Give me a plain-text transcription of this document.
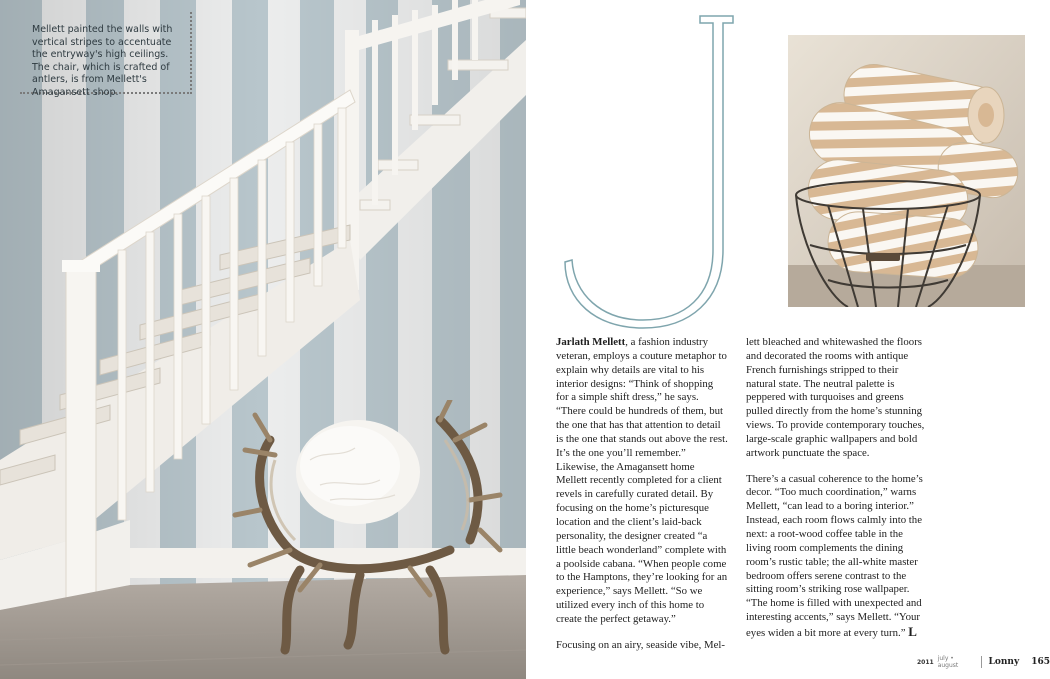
Mellett painted the walls with vertical stripes to accentuate the entryway's high ceilings. The chair, which is crafted of antlers, is from Mellett's Amagansett shop.

Jarlath Mellett, a fashion industry veteran, employs a couture metaphor to explain why details are vital to his interior designs: “Think of shopping for a simple shift dress,” he says. “There could be hundreds of them, but the one that has that attention to detail is the one that stands out above the rest. It’s the one you’ll remember.” Likewise, the Amagansett home Mellett recently completed for a client revels in carefully curated detail. By focusing on the home’s picturesque location and the client’s laid-back personality, the designer created “a little beach wonderland” complete with a poolside cabana. “When people come to the Hamptons, they’re looking for an experience,” says Mellett. “So we utilized every inch of this home to create the perfect getaway.”

Focusing on an airy, seaside vibe, Mel-

lett bleached and whitewashed the floors and decorated the rooms with antique French furnishings stripped to their natural state. The neutral palette is peppered with turquoises and greens pulled directly from the home’s stunning views. To provide contemporary touches, large-scale graphic wallpapers and bold artwork punctuate the space.

There’s a casual coherence to the home’s decor. “Too much coordination,” warns Mellett, “can lead to a boring interior.” Instead, each room flows calmly into the next: a root-wood coffee table in the living room complements the dining room’s rustic table; the all-white master bedroom offers serene contrast to the sitting room’s striking rose wallpaper. “The home is filled with unexpected and interesting accents,” says Mellett. “Your eyes widen a bit more at every turn.” L

2011 july • august	Lonny 165
